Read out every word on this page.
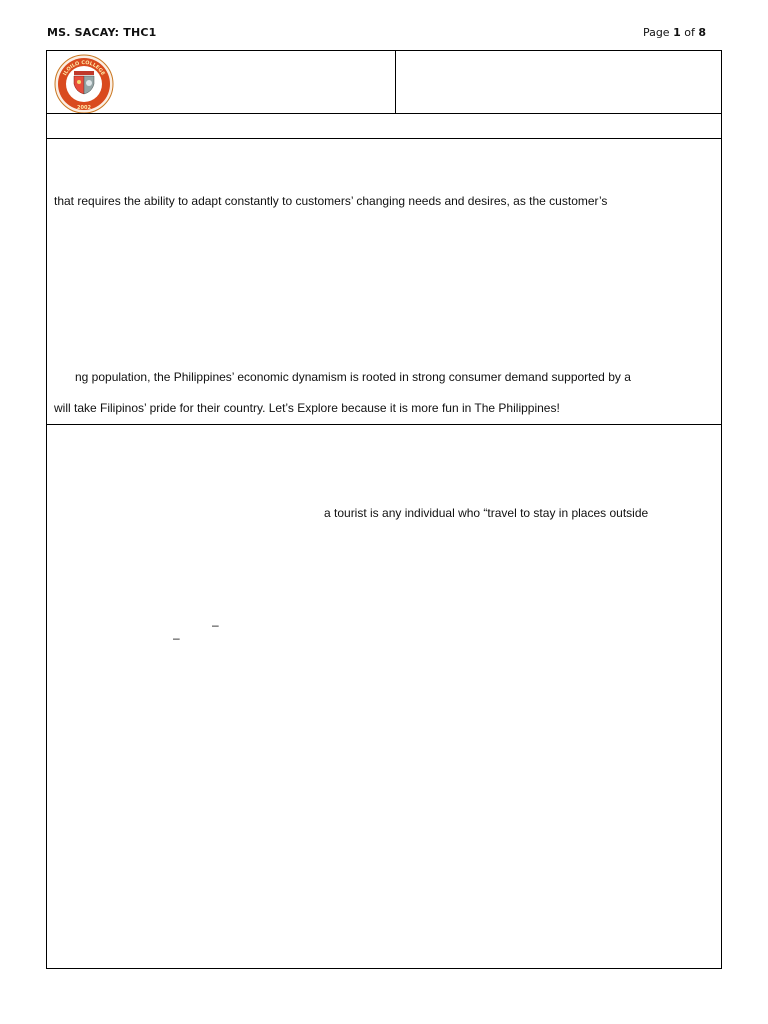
MS. SACAY: THC1	Page 1 of 8
ILOILO COLLEGE
2002
that requires the ability to adapt constantly to customers’ changing needs and desires, as the customer’s
ng population, the Philippines’ economic dynamism is rooted in strong consumer demand supported by a
will take Filipinos’ pride for their country. Let’s Explore because it is more fun in The Philippines!
a tourist is any individual who “travel to stay in places outside
–
–
